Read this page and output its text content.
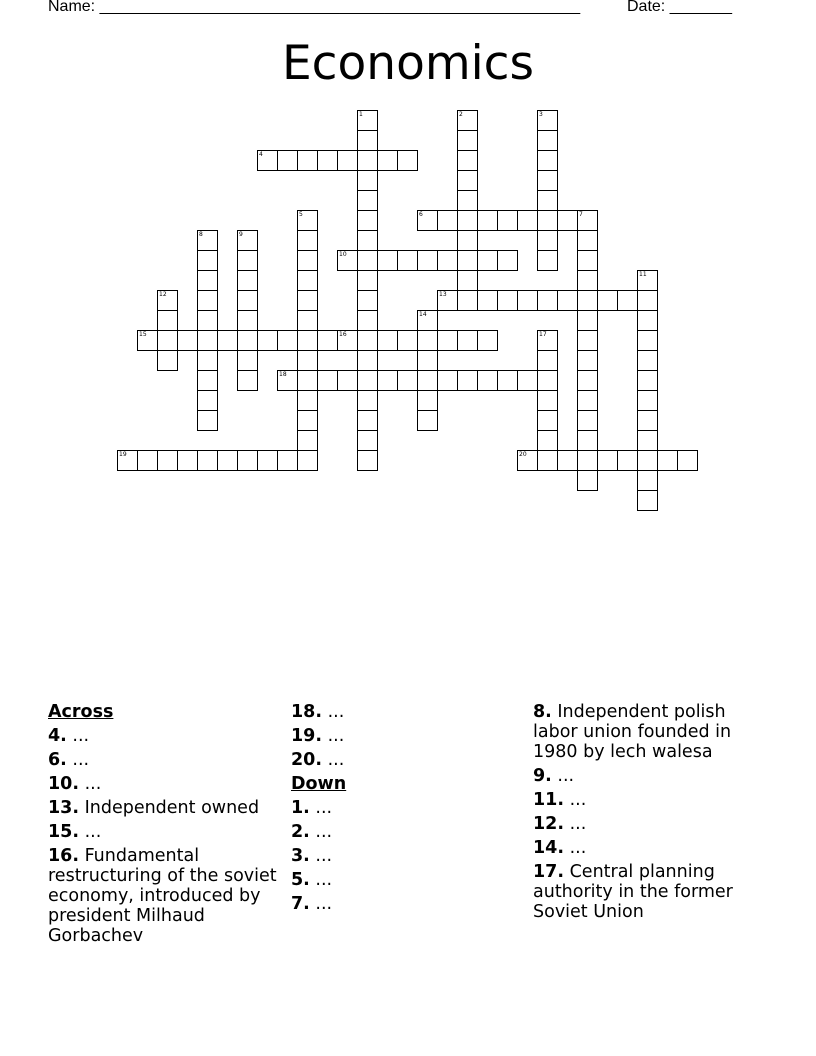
Name: ______________________________________________________	Date: _______
Economics
1	2	3
4
5	6	7
8	9
10
11
12	13
14
15	16	17
18
19	20
Across
4. ...
6. ...
10. ...
13. Independent owned
15. ...
16. Fundamental restructuring of the soviet economy, introduced by president Milhaud Gorbachev
18. ...
19. ...
20. ...
Down
1. ...
2. ...
3. ...
5. ...
7. ...
8. Independent polish labor union founded in 1980 by lech walesa
9. ...
11. ...
12. ...
14. ...
17. Central planning authority in the former Soviet Union
